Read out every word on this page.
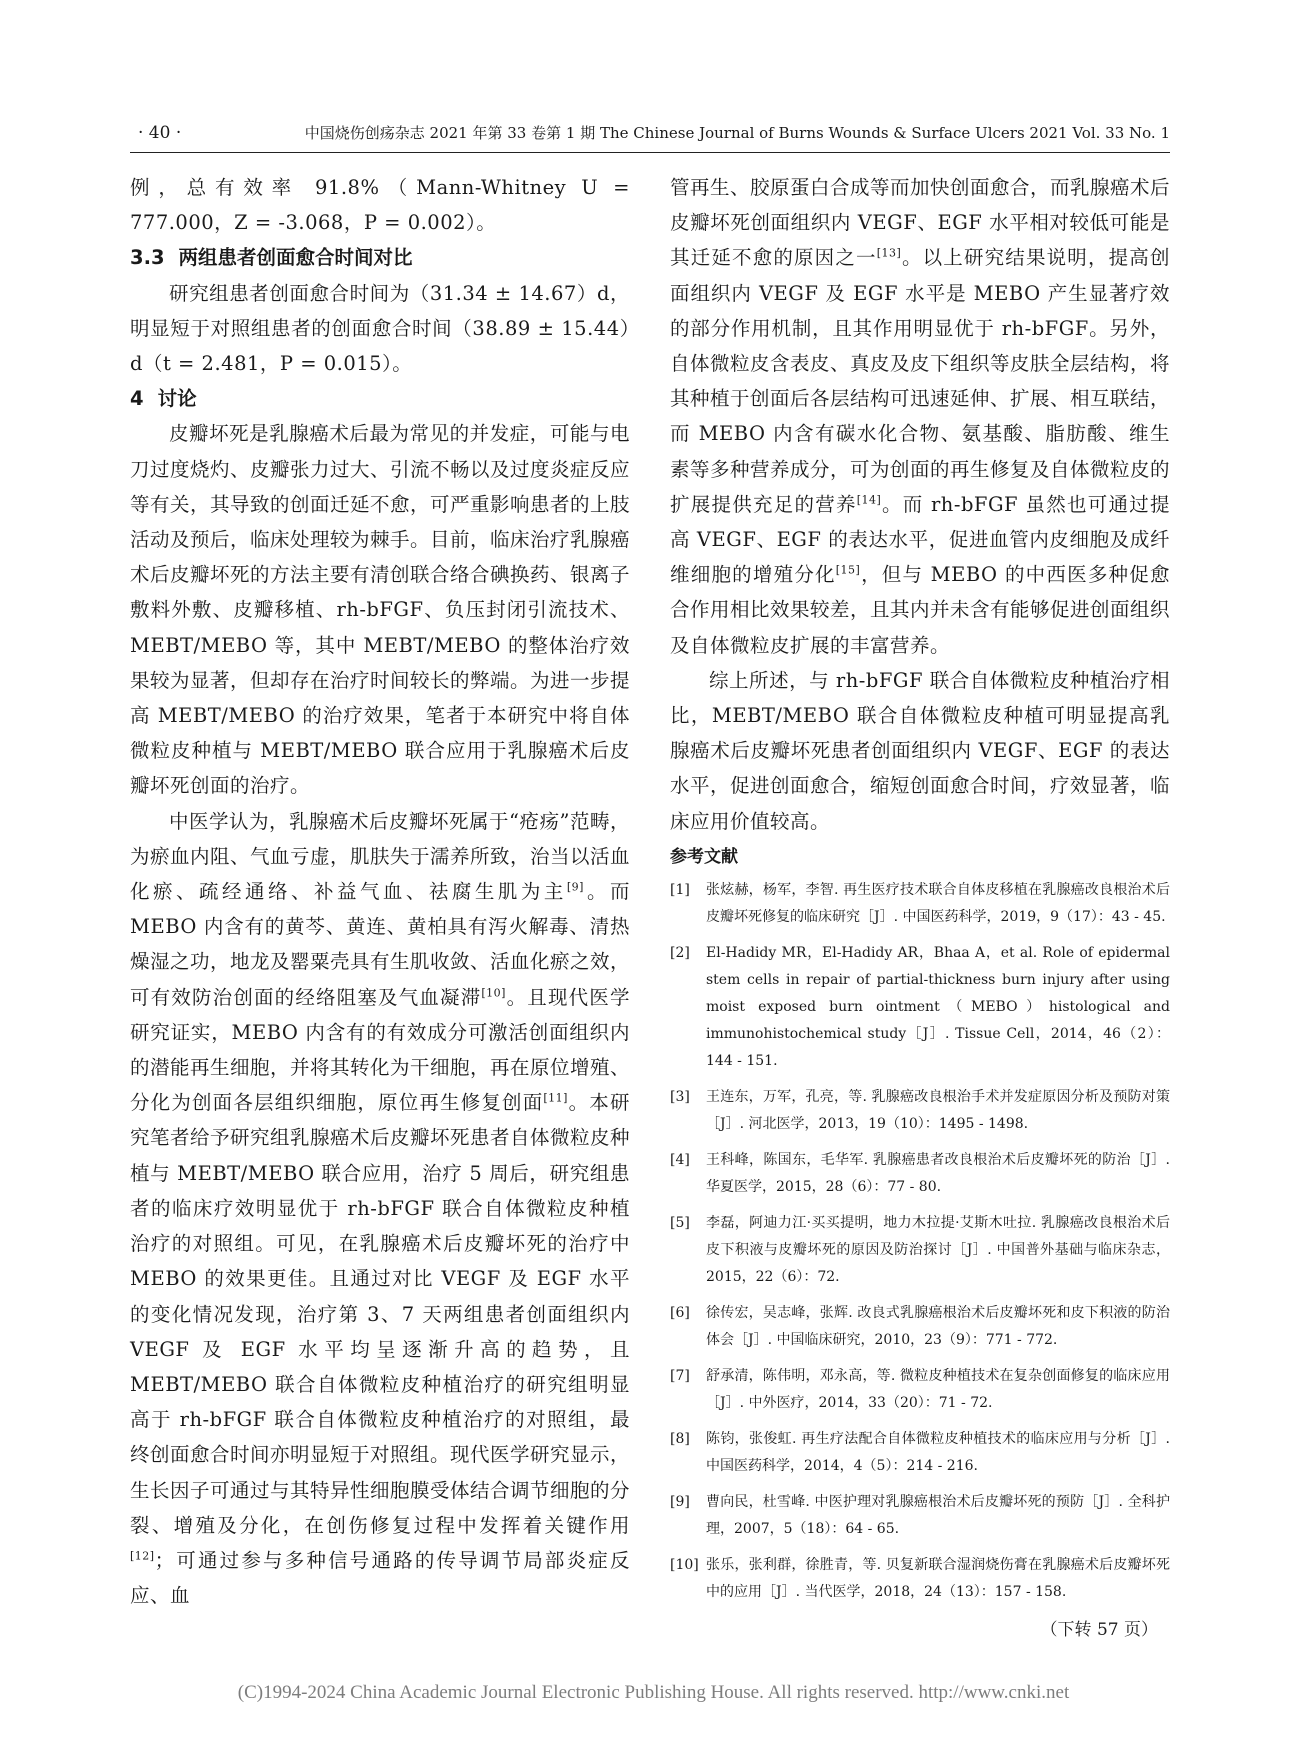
· 40 ·	中国烧伤创疡杂志 2021 年第 33 卷第 1 期 The Chinese Journal of Burns Wounds & Surface Ulcers 2021 Vol. 33 No. 1

例，总有效率 91.8%（Mann-Whitney U = 777.000，Z = -3.068，P = 0.002）。

3.3 两组患者创面愈合时间对比

研究组患者创面愈合时间为（31.34 ± 14.67）d，明显短于对照组患者的创面愈合时间（38.89 ± 15.44）d（t = 2.481，P = 0.015）。

4 讨论

皮瓣坏死是乳腺癌术后最为常见的并发症，可能与电刀过度烧灼、皮瓣张力过大、引流不畅以及过度炎症反应等有关，其导致的创面迁延不愈，可严重影响患者的上肢活动及预后，临床处理较为棘手。目前，临床治疗乳腺癌术后皮瓣坏死的方法主要有清创联合络合碘换药、银离子敷料外敷、皮瓣移植、rh-bFGF、负压封闭引流技术、MEBT/MEBO 等，其中 MEBT/MEBO 的整体治疗效果较为显著，但却存在治疗时间较长的弊端。为进一步提高 MEBT/MEBO 的治疗效果，笔者于本研究中将自体微粒皮种植与 MEBT/MEBO 联合应用于乳腺癌术后皮瓣坏死创面的治疗。

中医学认为，乳腺癌术后皮瓣坏死属于“疮疡”范畴，为瘀血内阻、气血亏虚，肌肤失于濡养所致，治当以活血化瘀、疏经通络、补益气血、祛腐生肌为主[9]。而 MEBO 内含有的黄芩、黄连、黄柏具有泻火解毒、清热燥湿之功，地龙及罂粟壳具有生肌收敛、活血化瘀之效，可有效防治创面的经络阻塞及气血凝滞[10]。且现代医学研究证实，MEBO 内含有的有效成分可激活创面组织内的潜能再生细胞，并将其转化为干细胞，再在原位增殖、分化为创面各层组织细胞，原位再生修复创面[11]。本研究笔者给予研究组乳腺癌术后皮瓣坏死患者自体微粒皮种植与 MEBT/MEBO 联合应用，治疗 5 周后，研究组患者的临床疗效明显优于 rh-bFGF 联合自体微粒皮种植治疗的对照组。可见，在乳腺癌术后皮瓣坏死的治疗中 MEBO 的效果更佳。且通过对比 VEGF 及 EGF 水平的变化情况发现，治疗第 3、7 天两组患者创面组织内 VEGF 及 EGF 水平均呈逐渐升高的趋势，且 MEBT/MEBO 联合自体微粒皮种植治疗的研究组明显高于 rh-bFGF 联合自体微粒皮种植治疗的对照组，最终创面愈合时间亦明显短于对照组。现代医学研究显示，生长因子可通过与其特异性细胞膜受体结合调节细胞的分裂、增殖及分化，在创伤修复过程中发挥着关键作用[12]；可通过参与多种信号通路的传导调节局部炎症反应、血

管再生、胶原蛋白合成等而加快创面愈合，而乳腺癌术后皮瓣坏死创面组织内 VEGF、EGF 水平相对较低可能是其迁延不愈的原因之一[13]。以上研究结果说明，提高创面组织内 VEGF 及 EGF 水平是 MEBO 产生显著疗效的部分作用机制，且其作用明显优于 rh-bFGF。另外，自体微粒皮含表皮、真皮及皮下组织等皮肤全层结构，将其种植于创面后各层结构可迅速延伸、扩展、相互联结，而 MEBO 内含有碳水化合物、氨基酸、脂肪酸、维生素等多种营养成分，可为创面的再生修复及自体微粒皮的扩展提供充足的营养[14]。而 rh-bFGF 虽然也可通过提高 VEGF、EGF 的表达水平，促进血管内皮细胞及成纤维细胞的增殖分化[15]，但与 MEBO 的中西医多种促愈合作用相比效果较差，且其内并未含有能够促进创面组织及自体微粒皮扩展的丰富营养。

综上所述，与 rh-bFGF 联合自体微粒皮种植治疗相比，MEBT/MEBO 联合自体微粒皮种植可明显提高乳腺癌术后皮瓣坏死患者创面组织内 VEGF、EGF 的表达水平，促进创面愈合，缩短创面愈合时间，疗效显著，临床应用价值较高。

参考文献
[1] 张炫赫，杨军，李智. 再生医疗技术联合自体皮移植在乳腺癌改良根治术后皮瓣坏死修复的临床研究［J］. 中国医药科学，2019，9（17）：43 - 45.
[2] El-Hadidy MR，El-Hadidy AR，Bhaa A，et al. Role of epidermal stem cells in repair of partial-thickness burn injury after using moist exposed burn ointment（MEBO）histological and immunohistochemical study［J］. Tissue Cell，2014，46（2）：144 - 151.
[3] 王连东，万军，孔亮，等. 乳腺癌改良根治手术并发症原因分析及预防对策［J］. 河北医学，2013，19（10）：1495 - 1498.
[4] 王科峰，陈国东，毛华军. 乳腺癌患者改良根治术后皮瓣坏死的防治［J］. 华夏医学，2015，28（6）：77 - 80.
[5] 李磊，阿迪力江·买买提明，地力木拉提·艾斯木吐拉. 乳腺癌改良根治术后皮下积液与皮瓣坏死的原因及防治探讨［J］. 中国普外基础与临床杂志，2015，22（6）：72.
[6] 徐传宏，吴志峰，张辉. 改良式乳腺癌根治术后皮瓣坏死和皮下积液的防治体会［J］. 中国临床研究，2010，23（9）：771 - 772.
[7] 舒承清，陈伟明，邓永高，等. 微粒皮种植技术在复杂创面修复的临床应用［J］. 中外医疗，2014，33（20）：71 - 72.
[8] 陈钧，张俊虹. 再生疗法配合自体微粒皮种植技术的临床应用与分析［J］. 中国医药科学，2014，4（5）：214 - 216.
[9] 曹向民，杜雪峰. 中医护理对乳腺癌根治术后皮瓣坏死的预防［J］. 全科护理，2007，5（18）：64 - 65.
[10] 张乐，张利群，徐胜青，等. 贝复新联合湿润烧伤膏在乳腺癌术后皮瓣坏死中的应用［J］. 当代医学，2018，24（13）：157 - 158.
（下转 57 页）
(C)1994-2024 China Academic Journal Electronic Publishing House. All rights reserved. http://www.cnki.net
